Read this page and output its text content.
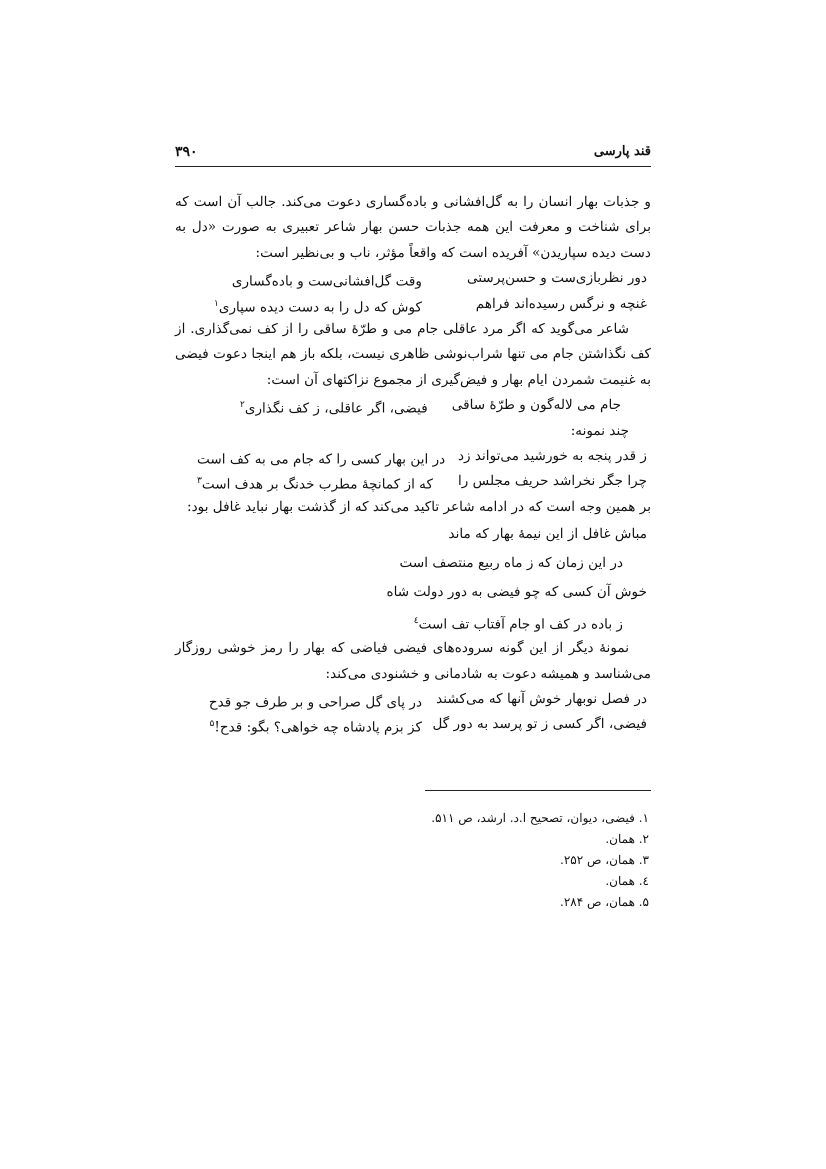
قند پارسی
۳۹۰

و جذبات بهار انسان را به گل‌افشانی و باده‌گساری دعوت می‌کند. جالب آن است که برای شناخت و معرفت این همه جذبات حسن بهار شاعر تعبیری به صورت «دل به دست دیده سپاریدن» آفریده است که واقعاً مؤثر، ناب و بی‌نظیر است:

دور نظربازی‌ست و حسن‌پرستی
وقت گل‌افشانی‌ست و باده‌گساری
غنچه و نرگس رسیده‌اند فراهم
کوش که دل را به دست دیده سپاری$^۱$

شاعر می‌گوید که اگر مرد عاقلی جام می و طرّهٔ ساقی را از کف نمی‌گذاری. از کف نگذاشتن جام می تنها شراب‌نوشی ظاهری نیست، بلکه باز هم اینجا دعوت فیضی به غنیمت شمردن ایام بهار و فیض‌گیری از مجموع نزاکتهای آن است:

جام می لاله‌گون و طرّهٔ ساقی
فیضی، اگر عاقلی، ز کف نگذاری$^۲$
چند نمونه:
ز قدر پنجه به خورشید می‌تواند زد
در این بهار کسی را که جام می به کف است
چرا جگر نخراشد حریف مجلس را
که از کمانچهٔ مطرب خدنگ بر هدف است$^۳$

بر همین وجه است که در ادامه شاعر تاکید می‌کند که از گذشت بهار نباید غافل بود:

مباش غافل از این نیمهٔ بهار که ماند
در این زمان که ز ماه ربیع منتصف است
خوش آن کسی که چو فیضی به دور دولت شاه
ز باده در کف او جام آفتاب تف است$^٤$

نمونهٔ دیگر از این گونه سروده‌های فیضی فیاضی که بهار را رمز خوشی روزگار می‌شناسد و همیشه دعوت به شادمانی و خشنودی می‌کند:

در فصل نوبهار خوش آنها که می‌کشند
در پای گل صراحی و بر طرف جو قدح
فیضی، اگر کسی ز تو پرسد به دور گل
کز بزم پادشاه چه خواهی؟ بگو: قدح!$^۵$

۱. فیضی، دیوان، تصحیح ا.د. ارشد، ص ۵۱۱.

۲. همان.

۳. همان، ص ۲۵۲.

٤. همان.

۵. همان، ص ۲۸۴.
